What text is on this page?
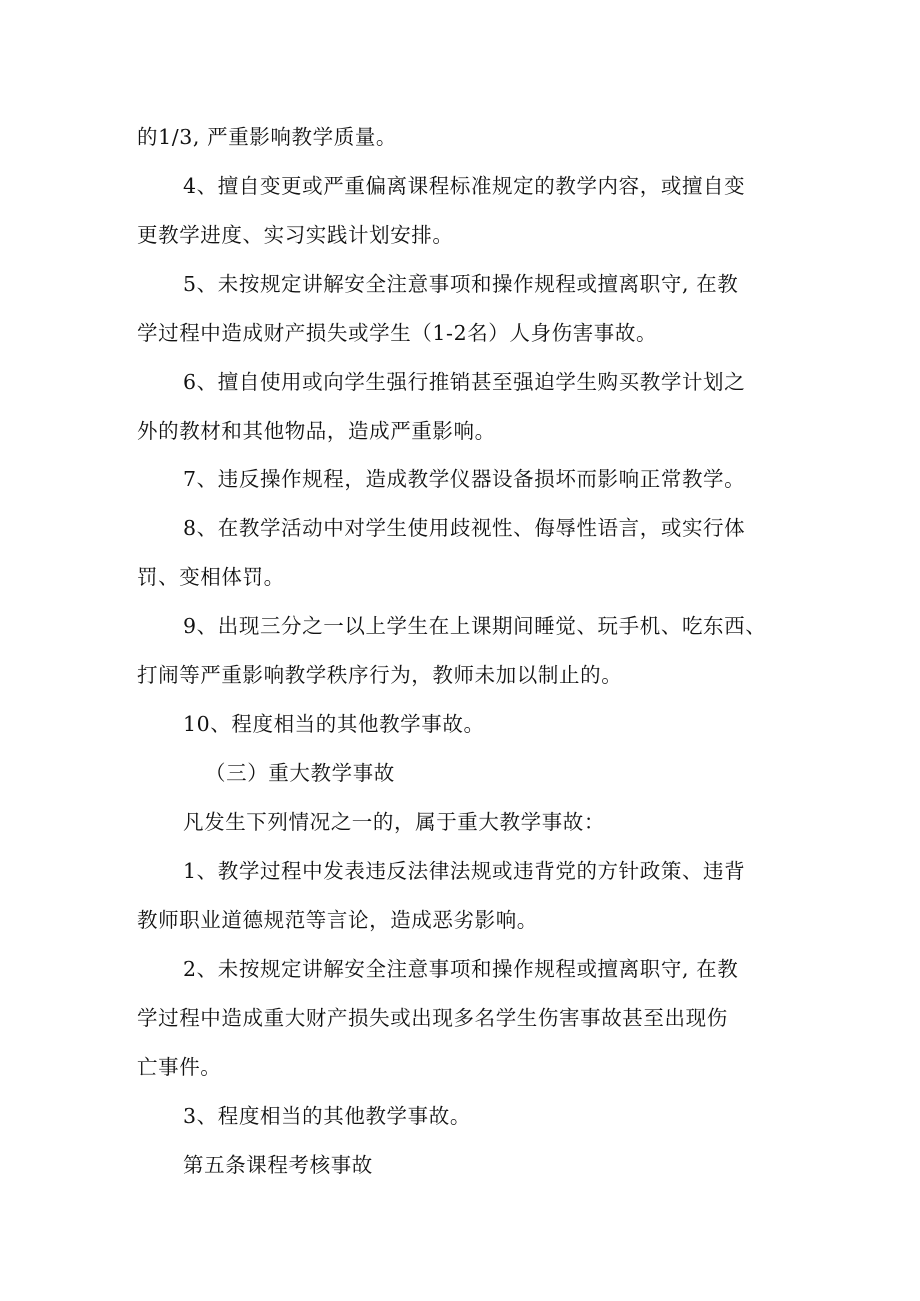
的1/3, 严重影响教学质量。
4、擅自变更或严重偏离课程标准规定的教学内容，或擅自变
更教学进度、实习实践计划安排。
5、未按规定讲解安全注意事项和操作规程或擅离职守, 在教
学过程中造成财产损失或学生（1-2名）人身伤害事故。
6、擅自使用或向学生强行推销甚至强迫学生购买教学计划之
外的教材和其他物品，造成严重影响。
7、违反操作规程，造成教学仪器设备损坏而影响正常教学。
8、在教学活动中对学生使用歧视性、侮辱性语言，或实行体
罚、变相体罚。
9、出现三分之一以上学生在上课期间睡觉、玩手机、吃东西、
打闹等严重影响教学秩序行为，教师未加以制止的。
10、程度相当的其他教学事故。
（三）重大教学事故
凡发生下列情况之一的，属于重大教学事故：
1、教学过程中发表违反法律法规或违背党的方针政策、违背
教师职业道德规范等言论，造成恶劣影响。
2、未按规定讲解安全注意事项和操作规程或擅离职守, 在教
学过程中造成重大财产损失或出现多名学生伤害事故甚至出现伤
亡事件。
3、程度相当的其他教学事故。
第五条课程考核事故
